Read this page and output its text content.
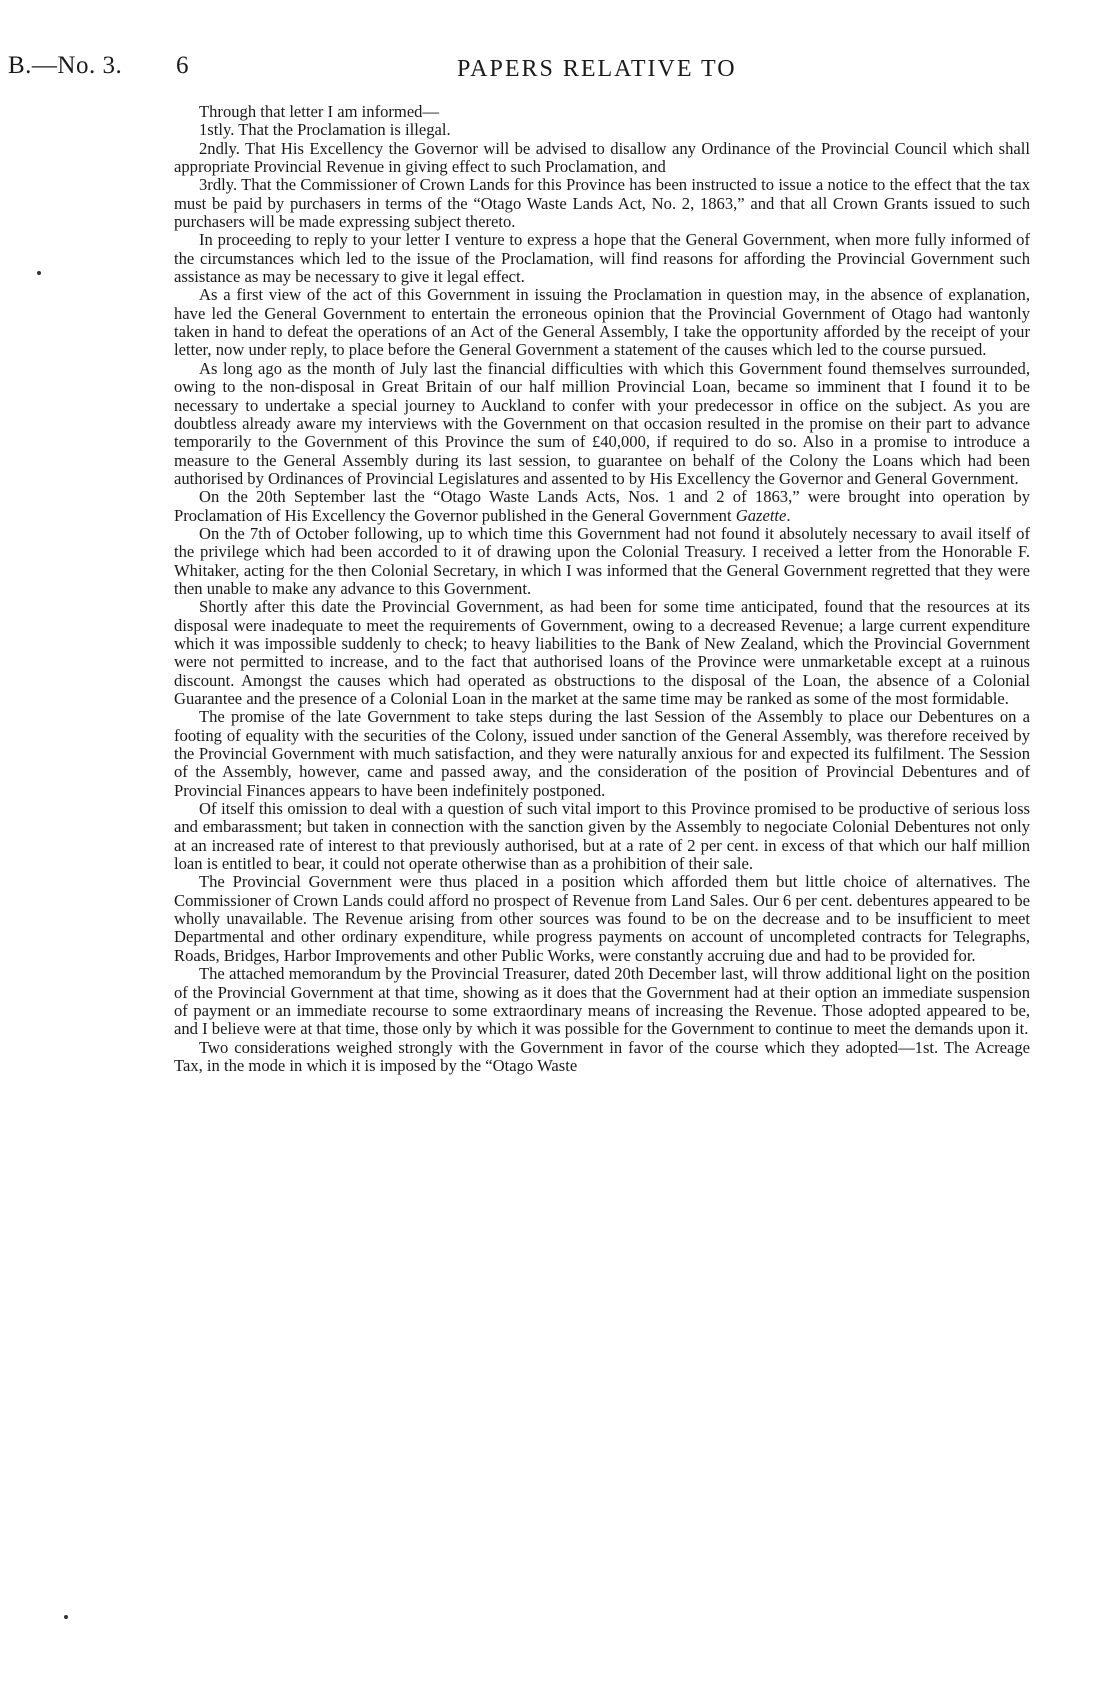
B.—No. 3. 6	PAPERS RELATIVE TO

Through that letter I am informed—

1stly. That the Proclamation is illegal.

2ndly. That His Excellency the Governor will be advised to disallow any Ordinance of the Provincial Council which shall appropriate Provincial Revenue in giving effect to such Proclamation, and

3rdly. That the Commissioner of Crown Lands for this Province has been instructed to issue a notice to the effect that the tax must be paid by purchasers in terms of the “Otago Waste Lands Act, No. 2, 1863,” and that all Crown Grants issued to such purchasers will be made expressing subject thereto.

In proceeding to reply to your letter I venture to express a hope that the General Government, when more fully informed of the circumstances which led to the issue of the Proclamation, will find reasons for affording the Provincial Government such assistance as may be necessary to give it legal effect.

As a first view of the act of this Government in issuing the Proclamation in question may, in the absence of explanation, have led the General Government to entertain the erroneous opinion that the Provincial Government of Otago had wantonly taken in hand to defeat the operations of an Act of the General Assembly, I take the opportunity afforded by the receipt of your letter, now under reply, to place before the General Government a statement of the causes which led to the course pursued.

As long ago as the month of July last the financial difficulties with which this Government found themselves surrounded, owing to the non-disposal in Great Britain of our half million Provincial Loan, became so imminent that I found it to be necessary to undertake a special journey to Auckland to confer with your predecessor in office on the subject. As you are doubtless already aware my interviews with the Government on that occasion resulted in the promise on their part to advance temporarily to the Government of this Province the sum of £40,000, if required to do so. Also in a promise to introduce a measure to the General Assembly during its last session, to guarantee on behalf of the Colony the Loans which had been authorised by Ordinances of Provincial Legislatures and assented to by His Excellency the Governor and General Government.

On the 20th September last the “Otago Waste Lands Acts, Nos. 1 and 2 of 1863,” were brought into operation by Proclamation of His Excellency the Governor published in the General Government Gazette.

On the 7th of October following, up to which time this Government had not found it absolutely necessary to avail itself of the privilege which had been accorded to it of drawing upon the Colonial Treasury. I received a letter from the Honorable F. Whitaker, acting for the then Colonial Secretary, in which I was informed that the General Government regretted that they were then unable to make any advance to this Government.

Shortly after this date the Provincial Government, as had been for some time anticipated, found that the resources at its disposal were inadequate to meet the requirements of Government, owing to a decreased Revenue; a large current expenditure which it was impossible suddenly to check; to heavy liabilities to the Bank of New Zealand, which the Provincial Government were not permitted to increase, and to the fact that authorised loans of the Province were unmarketable except at a ruinous discount. Amongst the causes which had operated as obstructions to the disposal of the Loan, the absence of a Colonial Guarantee and the presence of a Colonial Loan in the market at the same time may be ranked as some of the most formidable.

The promise of the late Government to take steps during the last Session of the Assembly to place our Debentures on a footing of equality with the securities of the Colony, issued under sanction of the General Assembly, was therefore received by the Provincial Government with much satisfaction, and they were naturally anxious for and expected its fulfilment. The Session of the Assembly, however, came and passed away, and the consideration of the position of Provincial Debentures and of Provincial Finances appears to have been indefinitely postponed.

Of itself this omission to deal with a question of such vital import to this Province promised to be productive of serious loss and embarassment; but taken in connection with the sanction given by the Assembly to negociate Colonial Debentures not only at an increased rate of interest to that previously authorised, but at a rate of 2 per cent. in excess of that which our half million loan is entitled to bear, it could not operate otherwise than as a prohibition of their sale.

The Provincial Government were thus placed in a position which afforded them but little choice of alternatives. The Commissioner of Crown Lands could afford no prospect of Revenue from Land Sales. Our 6 per cent. debentures appeared to be wholly unavailable. The Revenue arising from other sources was found to be on the decrease and to be insufficient to meet Departmental and other ordinary expenditure, while progress payments on account of uncompleted contracts for Telegraphs, Roads, Bridges, Harbor Improvements and other Public Works, were constantly accruing due and had to be provided for.

The attached memorandum by the Provincial Treasurer, dated 20th December last, will throw additional light on the position of the Provincial Government at that time, showing as it does that the Government had at their option an immediate suspension of payment or an immediate recourse to some extraordinary means of increasing the Revenue. Those adopted appeared to be, and I believe were at that time, those only by which it was possible for the Government to continue to meet the demands upon it.

Two considerations weighed strongly with the Government in favor of the course which they adopted—1st. The Acreage Tax, in the mode in which it is imposed by the “Otago Waste
